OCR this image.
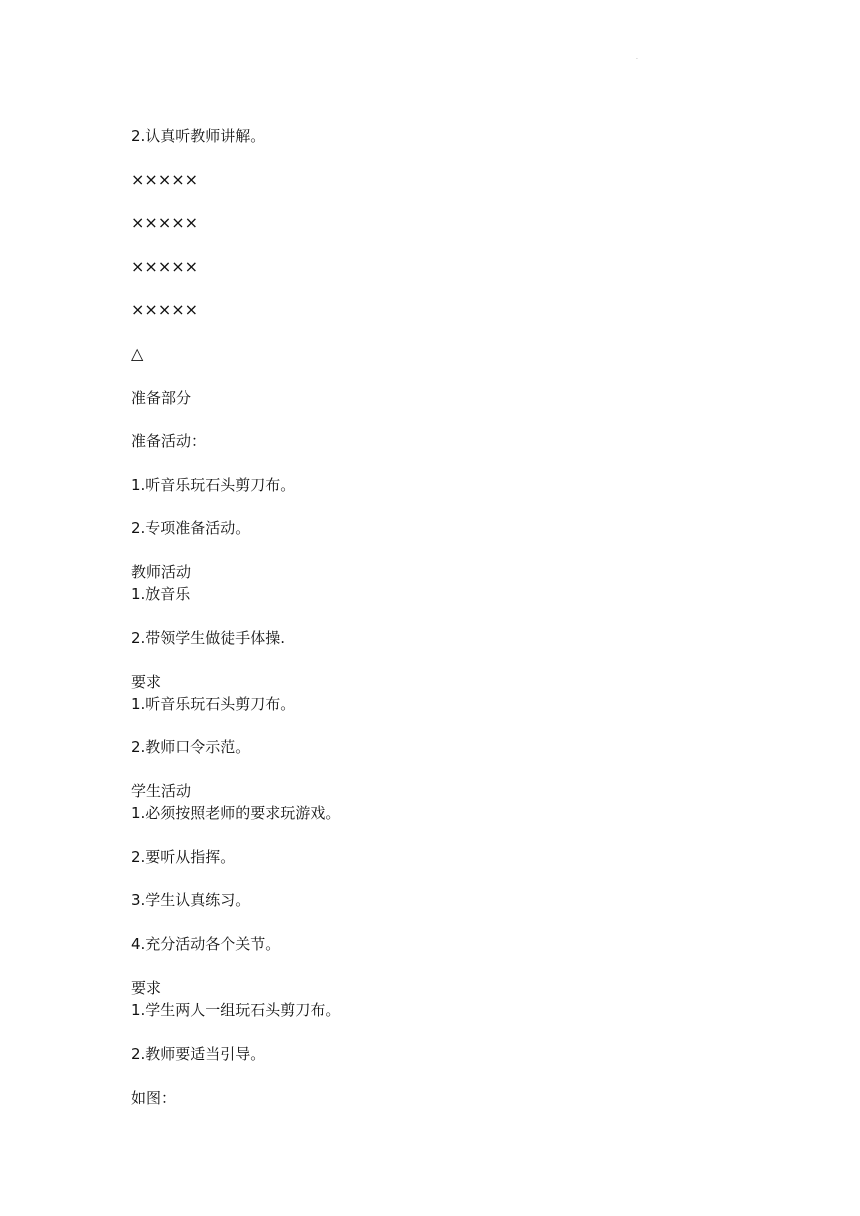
·
2.认真听教师讲解。
×××××
×××××
×××××
×××××
△
准备部分
准备活动：
1.听音乐玩石头剪刀布。
2.专项准备活动。
教师活动
1.放音乐
2.带领学生做徒手体操.
要求
1.听音乐玩石头剪刀布。
2.教师口令示范。
学生活动
1.必须按照老师的要求玩游戏。
2.要听从指挥。
3.学生认真练习。
4.充分活动各个关节。
要求
1.学生两人一组玩石头剪刀布。
2.教师要适当引导。
如图：
